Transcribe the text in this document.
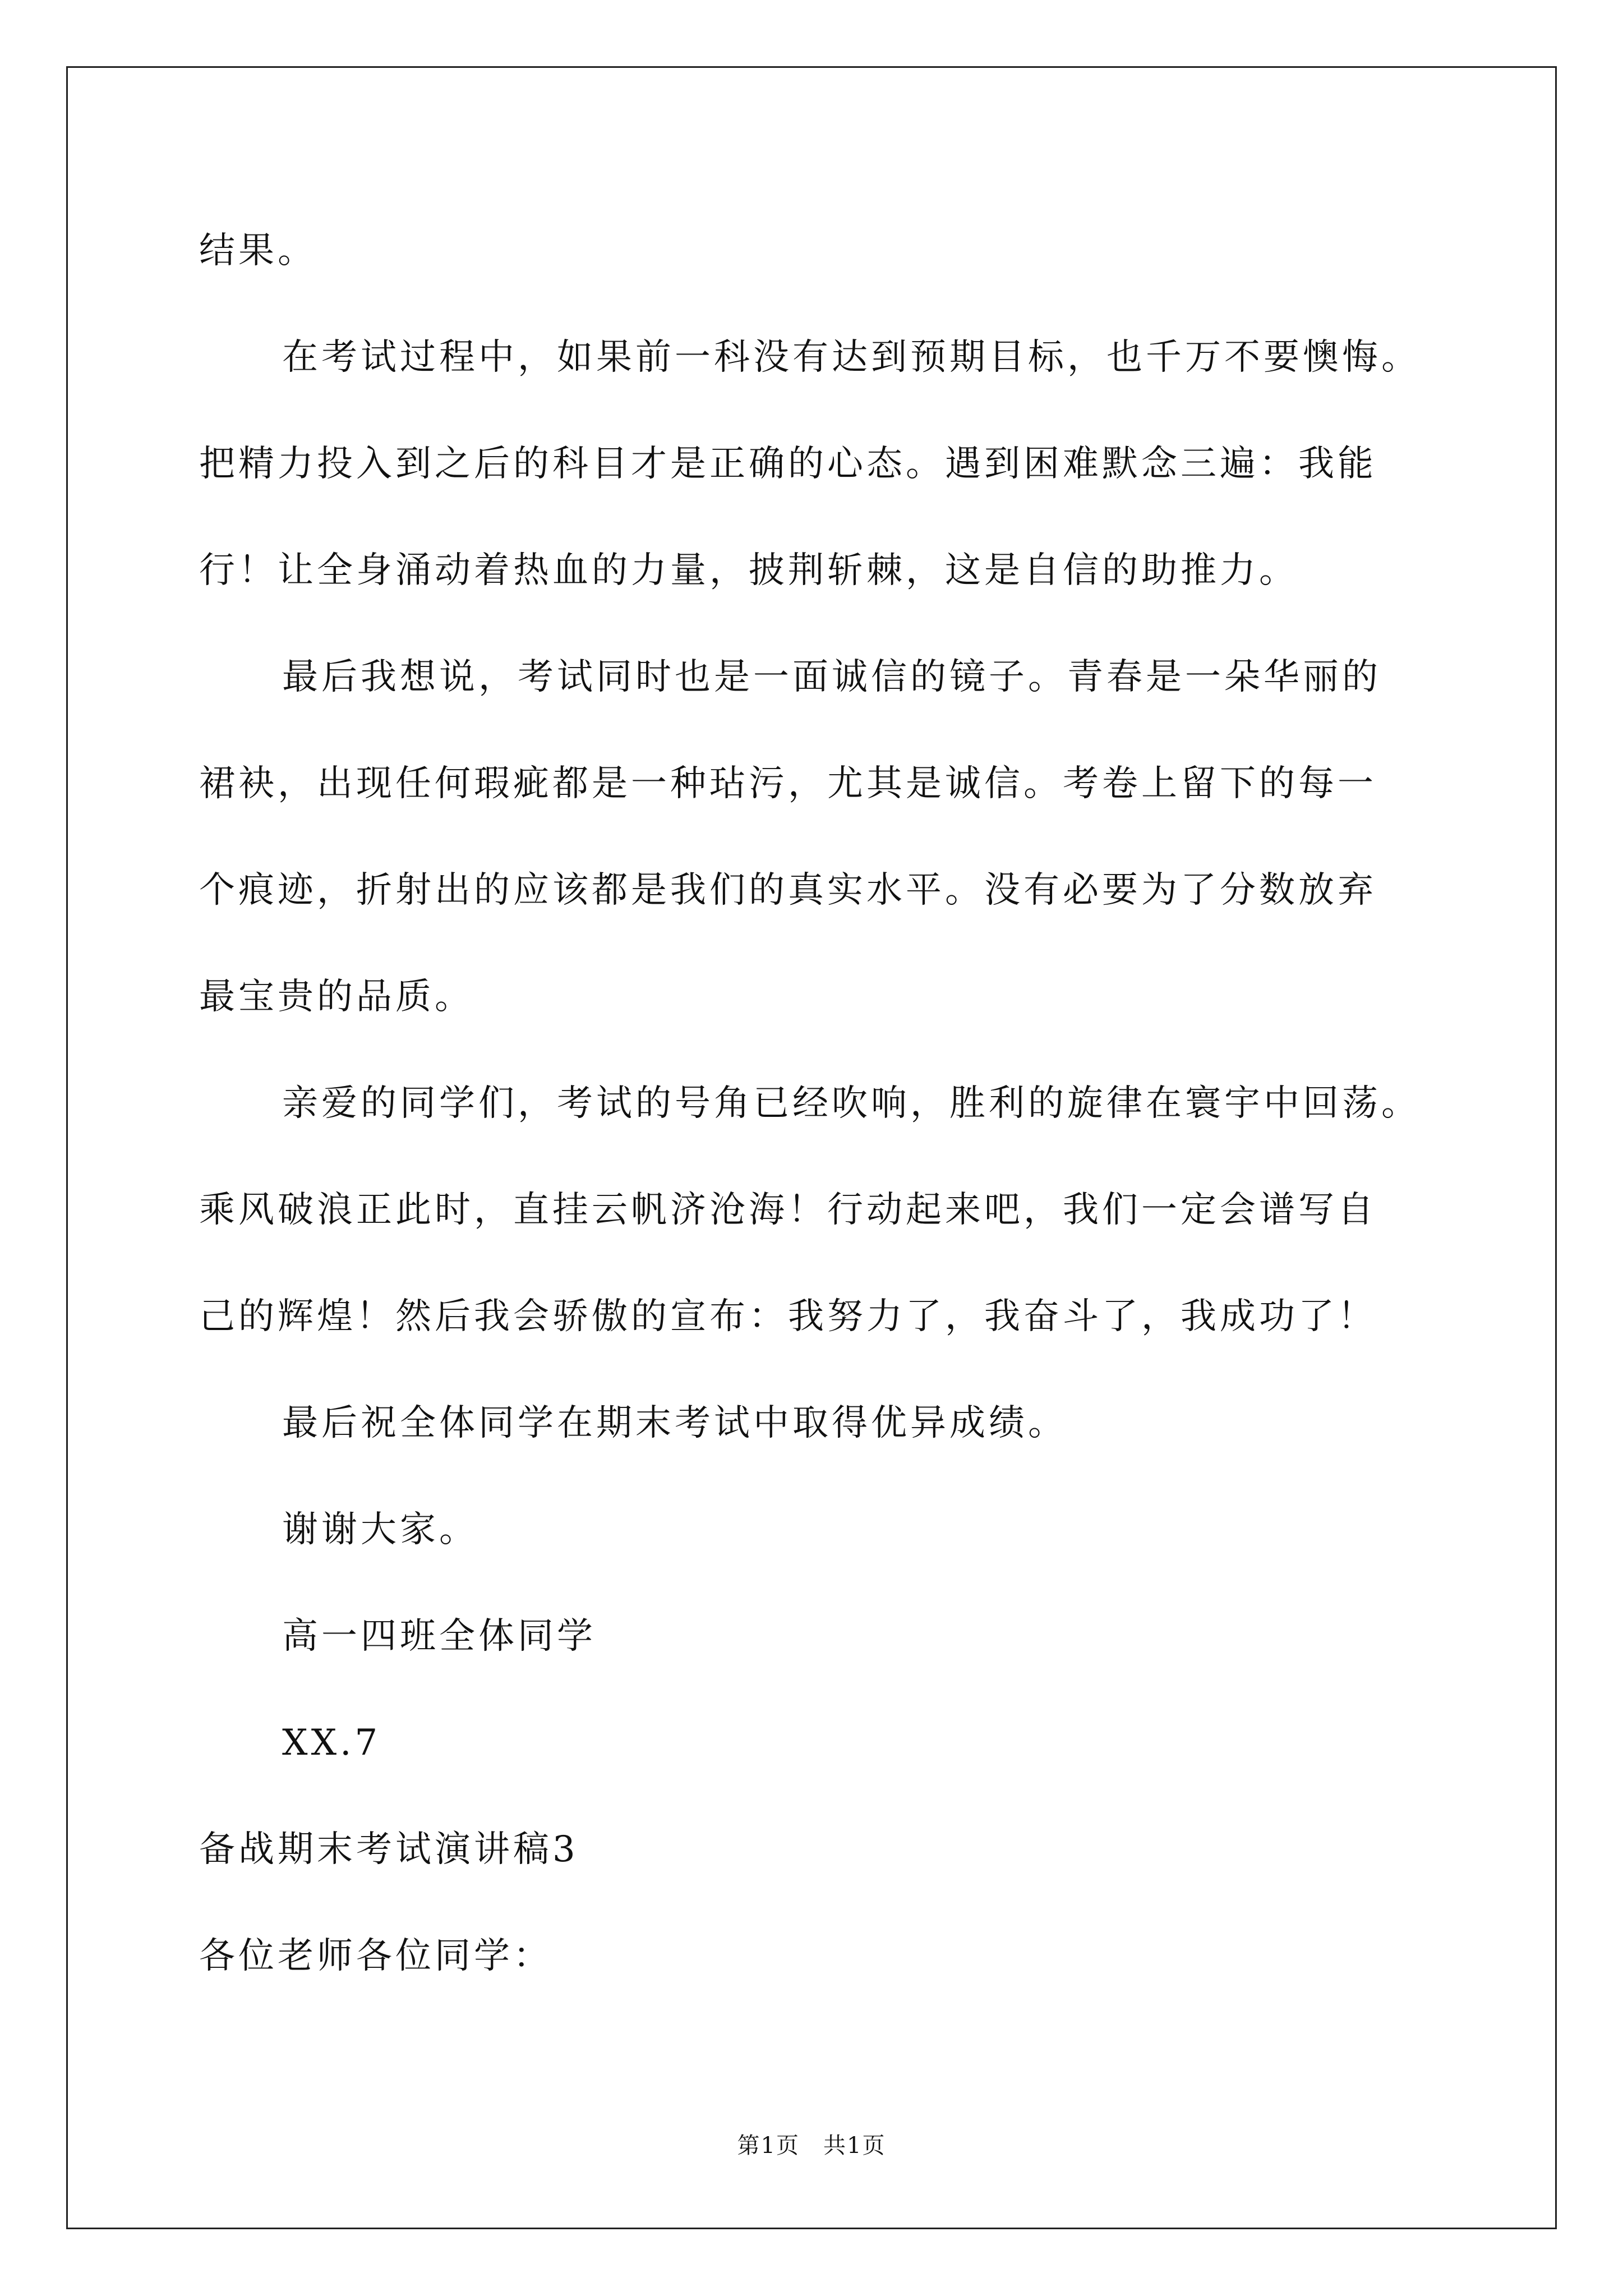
结果。
在考试过程中，如果前一科没有达到预期目标，也千万不要懊悔。
把精力投入到之后的科目才是正确的心态。遇到困难默念三遍：我能
行！让全身涌动着热血的力量，披荆斩棘，这是自信的助推力。
最后我想说，考试同时也是一面诚信的镜子。青春是一朵华丽的
裙袂，出现任何瑕疵都是一种玷污，尤其是诚信。考卷上留下的每一
个痕迹，折射出的应该都是我们的真实水平。没有必要为了分数放弃
最宝贵的品质。
亲爱的同学们，考试的号角已经吹响，胜利的旋律在寰宇中回荡。
乘风破浪正此时，直挂云帆济沧海！行动起来吧，我们一定会谱写自
己的辉煌！然后我会骄傲的宣布：我努力了，我奋斗了，我成功了！
最后祝全体同学在期末考试中取得优异成绩。
谢谢大家。
高一四班全体同学
XX.7
备战期末考试演讲稿3
各位老师各位同学：
第1页　共1页
